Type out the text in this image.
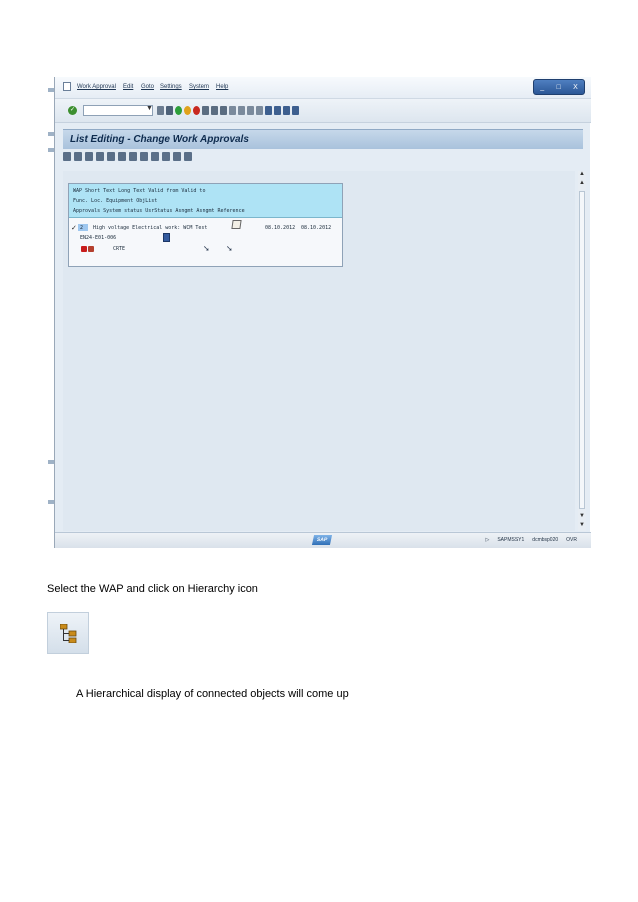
Work Approval Edit Goto Settings System Help	_ □ X
✓	▼
List Editing - Change Work Approvals
WAP Short Text Long Text Valid from Valid to
Func. Loc. Equipment ObjList
Approvals System status UsrStatus Asngmt Asngmt Reference
✓ 2 High voltage Electrical work: WCM Test	08.10.2012 08.10.2012
EN24-E01-006
CRTE	➘ ➘
▲
▲
▼
▼
SAP	▷ SAPMSSY1 dcmbsp020 OVR
Select the WAP and click on Hierarchy icon
A Hierarchical display of connected objects will come up
